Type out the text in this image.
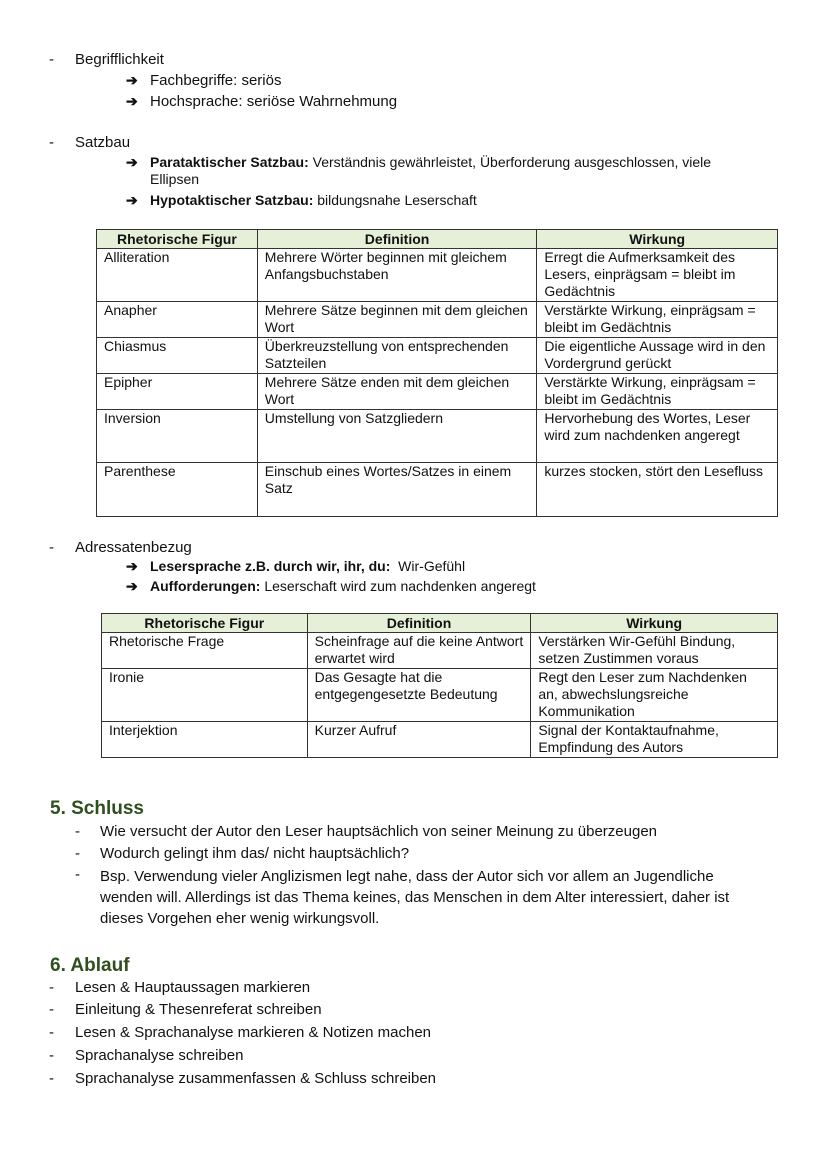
- Begrifflichkeit
➔ Fachbegriffe: seriös
➔ Hochsprache: seriöse Wahrnehmung
- Satzbau
➔ Parataktischer Satzbau: Verständnis gewährleistet, Überforderung ausgeschlossen, viele
Ellipsen
➔ Hypotaktischer Satzbau: bildungsnahe Leserschaft
Rhetorische Figur	Definition	Wirkung
Alliteration	Mehrere Wörter beginnen mit gleichem Anfangsbuchstaben	Erregt die Aufmerksamkeit des Lesers, einprägsam = bleibt im Gedächtnis
Anapher	Mehrere Sätze beginnen mit dem gleichen Wort	Verstärkte Wirkung, einprägsam = bleibt im Gedächtnis
Chiasmus	Überkreuzstellung von entsprechenden Satzteilen	Die eigentliche Aussage wird in den Vordergrund gerückt
Epipher	Mehrere Sätze enden mit dem gleichen Wort	Verstärkte Wirkung, einprägsam = bleibt im Gedächtnis
Inversion	Umstellung von Satzgliedern	Hervorhebung des Wortes, Leser wird zum nachdenken angeregt
Parenthese	Einschub eines Wortes/Satzes in einem Satz	kurzes stocken, stört den Lesefluss
- Adressatenbezug
➔ Lesersprache z.B. durch wir, ihr, du:  Wir-Gefühl
➔ Aufforderungen: Leserschaft wird zum nachdenken angeregt
Rhetorische Figur	Definition	Wirkung
Rhetorische Frage	Scheinfrage auf die keine Antwort erwartet wird	Verstärken Wir-Gefühl Bindung, setzen Zustimmen voraus
Ironie	Das Gesagte hat die entgegengesetzte Bedeutung	Regt den Leser zum Nachdenken an, abwechslungsreiche Kommunikation
Interjektion	Kurzer Aufruf	Signal der Kontaktaufnahme, Empfindung des Autors
5. Schluss
- Wie versucht der Autor den Leser hauptsächlich von seiner Meinung zu überzeugen
- Wodurch gelingt ihm das/ nicht hauptsächlich?
- Bsp. Verwendung vieler Anglizismen legt nahe, dass der Autor sich vor allem an Jugendliche wenden will. Allerdings ist das Thema keines, das Menschen in dem Alter interessiert, daher ist dieses Vorgehen eher wenig wirkungsvoll.
6. Ablauf
- Lesen & Hauptaussagen markieren
- Einleitung & Thesenreferat schreiben
- Lesen & Sprachanalyse markieren & Notizen machen
- Sprachanalyse schreiben
- Sprachanalyse zusammenfassen & Schluss schreiben
